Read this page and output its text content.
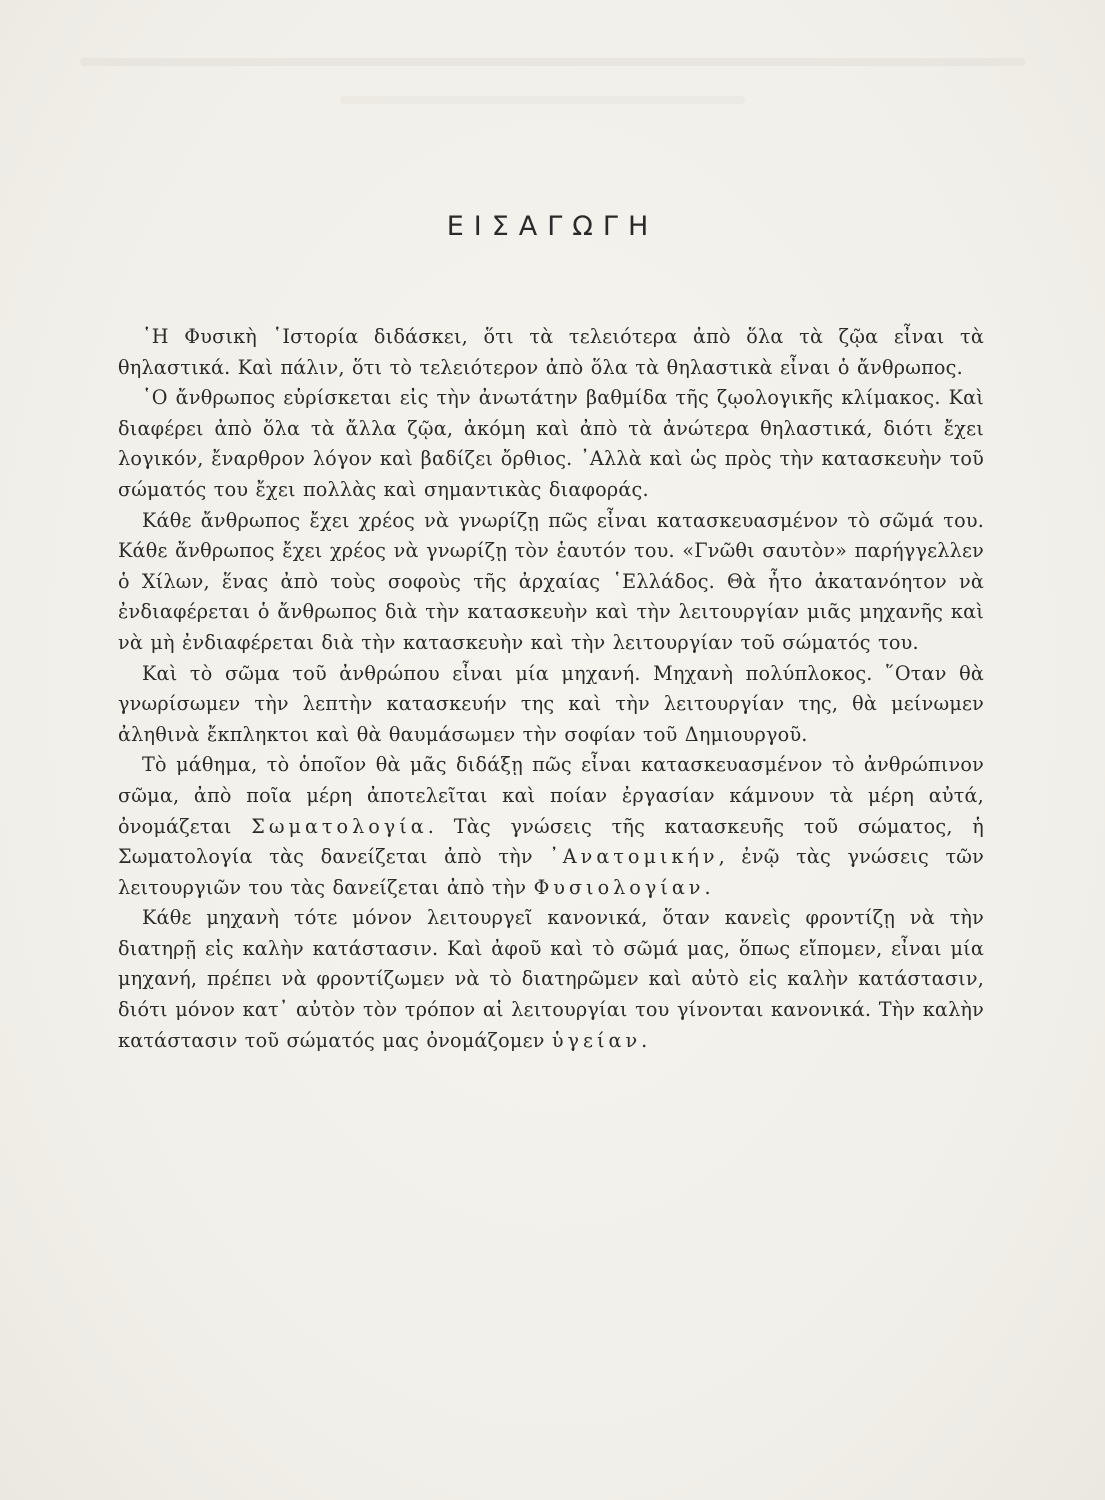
ΕΙΣΑΓΩΓΗ

῾Η Φυσικὴ ῾Ιστορία διδάσκει, ὅτι τὰ τελειότερα ἀπὸ ὅλα τὰ ζῷα εἶναι τὰ θηλαστικά. Καὶ πάλιν, ὅτι τὸ τελειότερον ἀπὸ ὅλα τὰ θηλαστικὰ εἶναι ὁ ἄνθρωπος.

῾Ο ἄνθρωπος εὑρίσκεται εἰς τὴν ἀνωτάτην βαθμίδα τῆς ζῳολογικῆς κλίμακος. Καὶ διαφέρει ἀπὸ ὅλα τὰ ἄλλα ζῷα, ἀκόμη καὶ ἀπὸ τὰ ἀνώτερα θηλαστικά, διότι ἔχει λογικόν, ἔναρθρον λόγον καὶ βαδίζει ὄρθιος. ᾿Αλλὰ καὶ ὡς πρὸς τὴν κατασκευὴν τοῦ σώματός του ἔχει πολλὰς καὶ σημαντικὰς διαφοράς.

Κάθε ἄνθρωπος ἔχει χρέος νὰ γνωρίζῃ πῶς εἶναι κατασκευασμένον τὸ σῶμά του. Κάθε ἄνθρωπος ἔχει χρέος νὰ γνωρίζῃ τὸν ἑαυτόν του. «Γνῶθι σαυτὸν» παρήγγελλεν ὁ Χίλων, ἕνας ἀπὸ τοὺς σοφοὺς τῆς ἀρχαίας ῾Ελλάδος. Θὰ ἦτο ἀκατανόητον νὰ ἐνδιαφέρεται ὁ ἄνθρωπος διὰ τὴν κατασκευὴν καὶ τὴν λειτουργίαν μιᾶς μηχανῆς καὶ νὰ μὴ ἐνδιαφέρεται διὰ τὴν κατασκευὴν καὶ τὴν λειτουργίαν τοῦ σώματός του.

Καὶ τὸ σῶμα τοῦ ἀνθρώπου εἶναι μία μηχανή. Μηχανὴ πολύπλοκος. ῞Οταν θὰ γνωρίσωμεν τὴν λεπτὴν κατασκευήν της καὶ τὴν λειτουργίαν της, θὰ μείνωμεν ἀληθινὰ ἔκπληκτοι καὶ θὰ θαυμάσωμεν τὴν σοφίαν τοῦ Δημιουργοῦ.

Τὸ μάθημα, τὸ ὁποῖον θὰ μᾶς διδάξῃ πῶς εἶναι κατασκευασμένον τὸ ἀνθρώπινον σῶμα, ἀπὸ ποῖα μέρη ἀποτελεῖται καὶ ποίαν ἐργασίαν κάμνουν τὰ μέρη αὐτά, ὀνομάζεται Σωματολογία. Τὰς γνώσεις τῆς κατασκευῆς τοῦ σώματος, ἡ Σωματολογία τὰς δανείζεται ἀπὸ τὴν ᾿Ανατομικήν, ἐνῷ τὰς γνώσεις τῶν λειτουργιῶν του τὰς δανείζεται ἀπὸ τὴν Φυσιολογίαν.

Κάθε μηχανὴ τότε μόνον λειτουργεῖ κανονικά, ὅταν κανεὶς φροντίζῃ νὰ τὴν διατηρῇ εἰς καλὴν κατάστασιν. Καὶ ἀφοῦ καὶ τὸ σῶμά μας, ὅπως εἴπομεν, εἶναι μία μηχανή, πρέπει νὰ φροντίζωμεν νὰ τὸ διατηρῶμεν καὶ αὐτὸ εἰς καλὴν κατάστασιν, διότι μόνον κατ᾿ αὐτὸν τὸν τρόπον αἱ λειτουργίαι του γίνονται κανονικά. Τὴν καλὴν κατάστασιν τοῦ σώματός μας ὀνομάζομεν ὑγείαν.
